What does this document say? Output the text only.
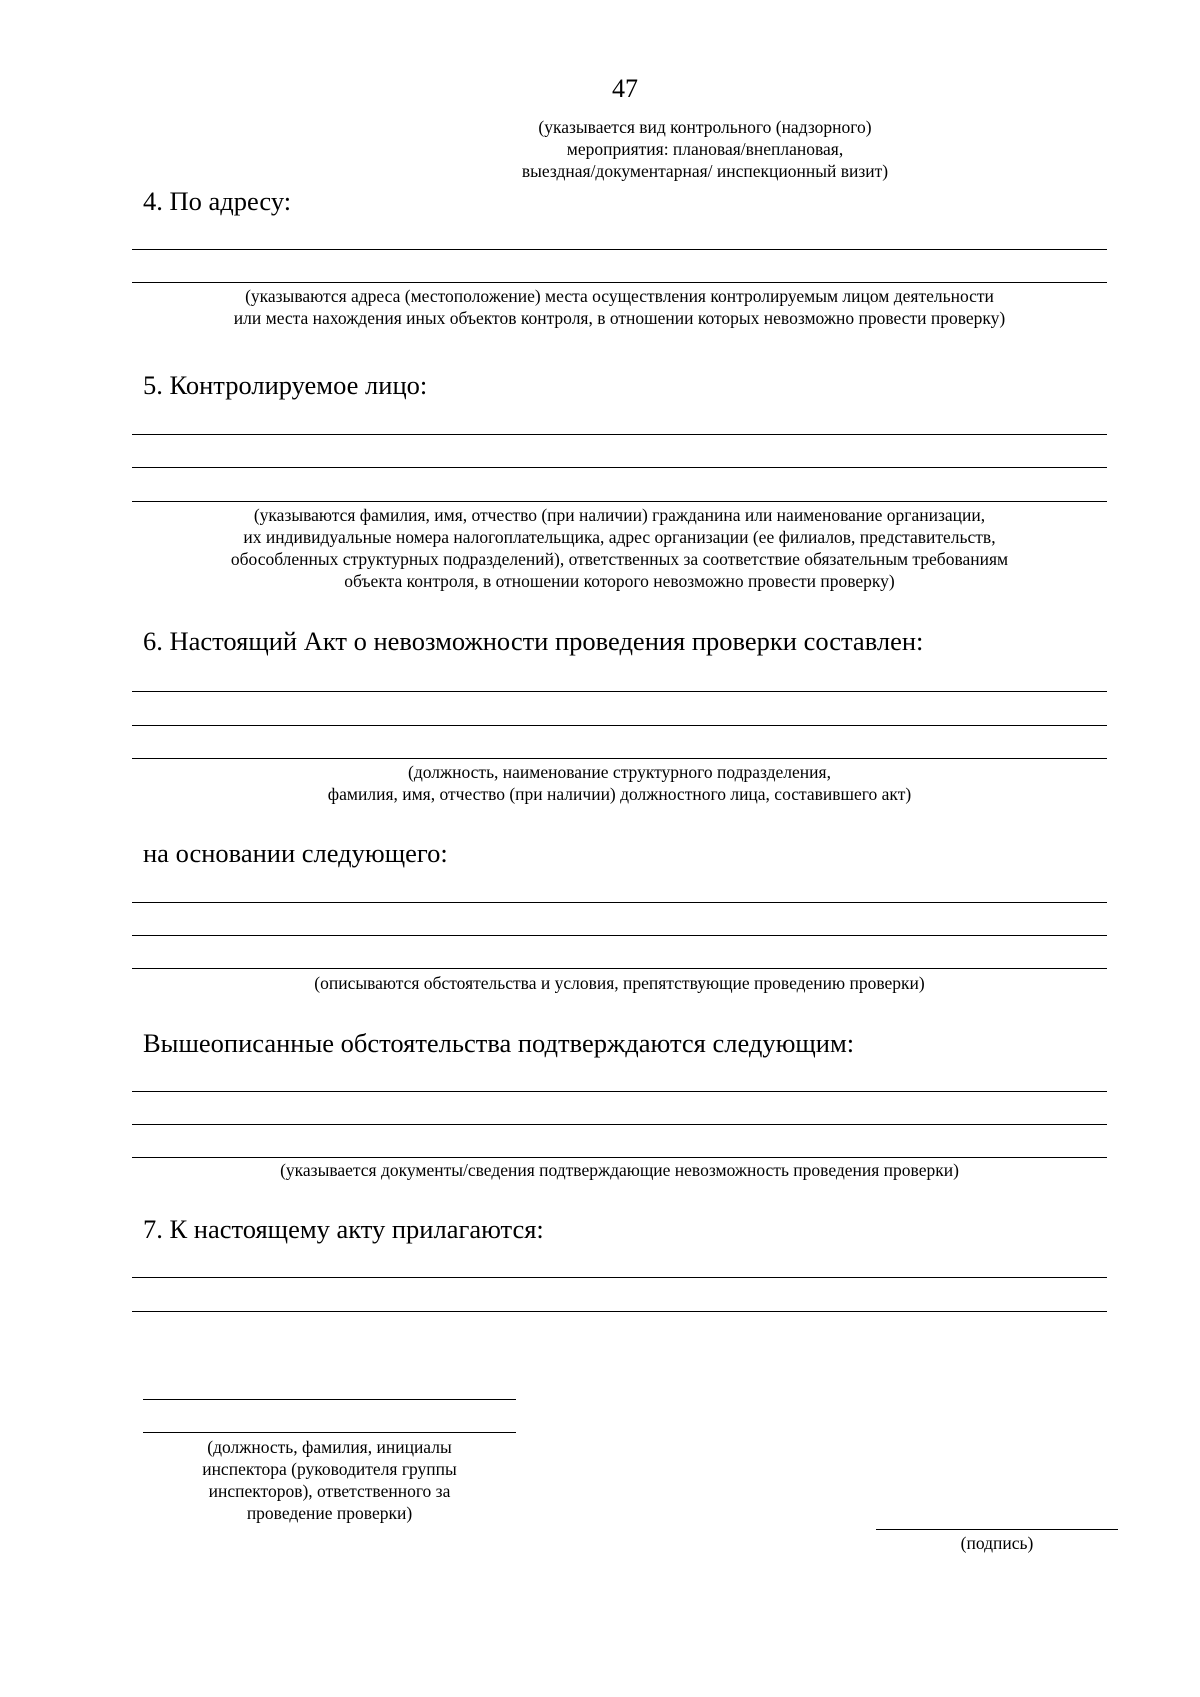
47
(указывается вид контрольного (надзорного)
мероприятия: плановая/внеплановая,
выездная/документарная/ инспекционный визит)
4. По адресу:
(указываются адреса (местоположение) места осуществления контролируемым лицом деятельности
или места нахождения иных объектов контроля, в отношении которых невозможно провести проверку)
5. Контролируемое лицо:
(указываются фамилия, имя, отчество (при наличии) гражданина или наименование организации,
их индивидуальные номера налогоплательщика, адрес организации (ее филиалов, представительств,
обособленных структурных подразделений), ответственных за соответствие обязательным требованиям
объекта контроля, в отношении которого невозможно провести проверку)
6. Настоящий Акт о невозможности проведения проверки составлен:
(должность, наименование структурного подразделения,
фамилия, имя, отчество (при наличии) должностного лица, составившего акт)
на основании следующего:
(описываются обстоятельства и условия, препятствующие проведению проверки)
Вышеописанные обстоятельства подтверждаются следующим:
(указывается документы/сведения подтверждающие невозможность проведения проверки)
7. К настоящему акту прилагаются:
(должность, фамилия, инициалы
инспектора (руководителя группы
инспекторов), ответственного за
проведение проверки)
(подпись)
